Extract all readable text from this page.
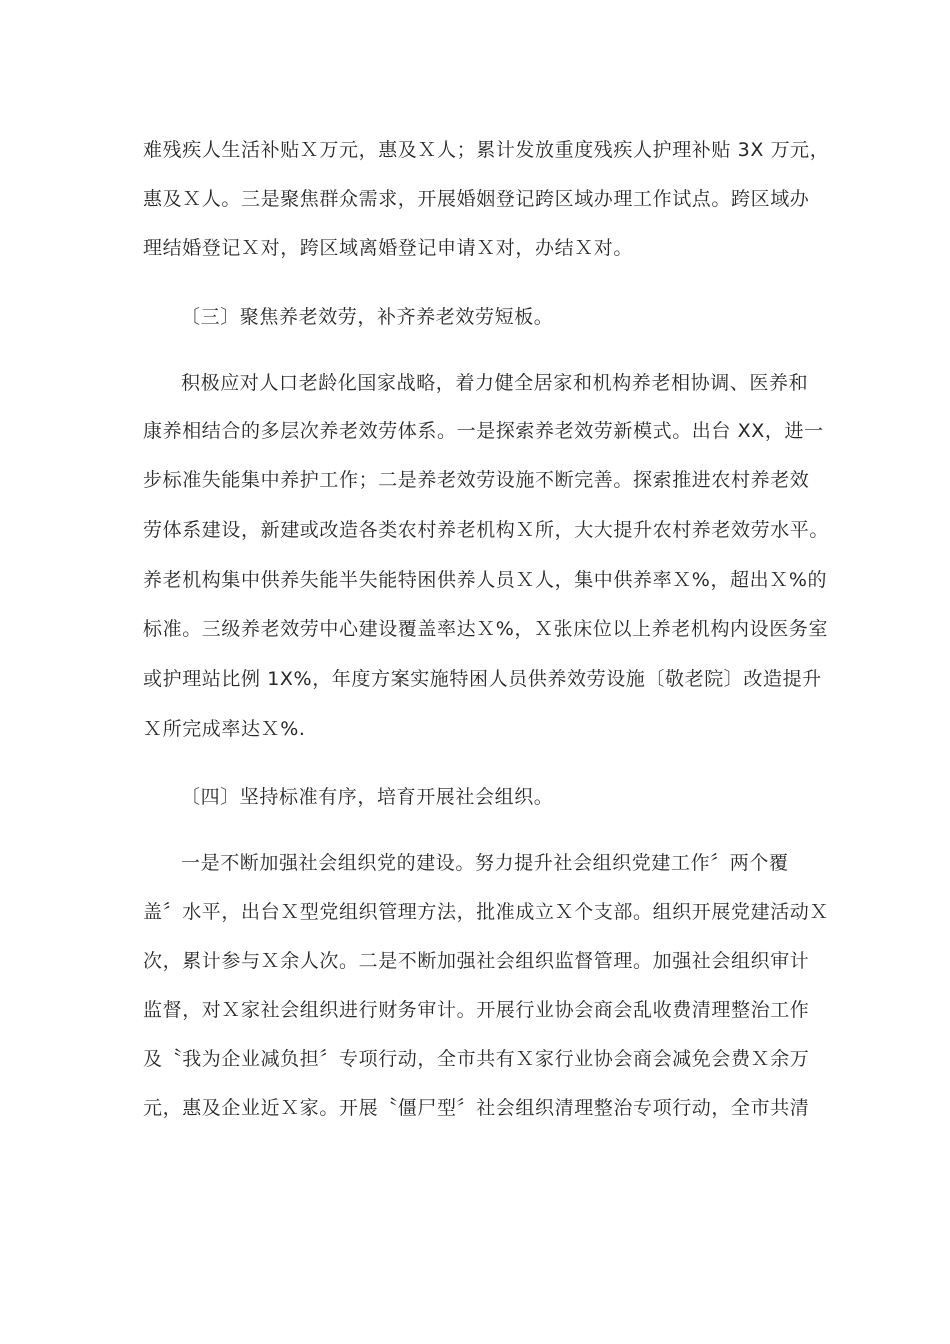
难残疾人生活补贴Ｘ万元，惠及Ｘ人；累计发放重度残疾人护理补贴 3X 万元，
惠及Ｘ人。三是聚焦群众需求，开展婚姻登记跨区域办理工作试点。跨区域办
理结婚登记Ｘ对，跨区域离婚登记申请Ｘ对，办结Ｘ对。
〔三〕聚焦养老效劳，补齐养老效劳短板。
积极应对人口老龄化国家战略，着力健全居家和机构养老相协调、医养和
康养相结合的多层次养老效劳体系。一是探索养老效劳新模式。出台 XX，进一
步标准失能集中养护工作；二是养老效劳设施不断完善。探索推进农村养老效
劳体系建设，新建或改造各类农村养老机构Ｘ所，大大提升农村养老效劳水平。
养老机构集中供养失能半失能特困供养人员Ｘ人，集中供养率Ｘ%，超出Ｘ%的
标准。三级养老效劳中心建设覆盖率达Ｘ%，Ｘ张床位以上养老机构内设医务室
或护理站比例 1X%，年度方案实施特困人员供养效劳设施〔敬老院〕改造提升
Ｘ所完成率达Ｘ%.
〔四〕坚持标准有序，培育开展社会组织。
一是不断加强社会组织党的建设。努力提升社会组织党建工作〞两个覆
盖〞水平，出台Ｘ型党组织管理方法，批准成立Ｘ个支部。组织开展党建活动Ｘ
次，累计参与Ｘ余人次。二是不断加强社会组织监督管理。加强社会组织审计
监督，对Ｘ家社会组织进行财务审计。开展行业协会商会乱收费清理整治工作
及〝我为企业减负担〞专项行动，全市共有Ｘ家行业协会商会减免会费Ｘ余万
元，惠及企业近Ｘ家。开展〝僵尸型〞社会组织清理整治专项行动，全市共清
